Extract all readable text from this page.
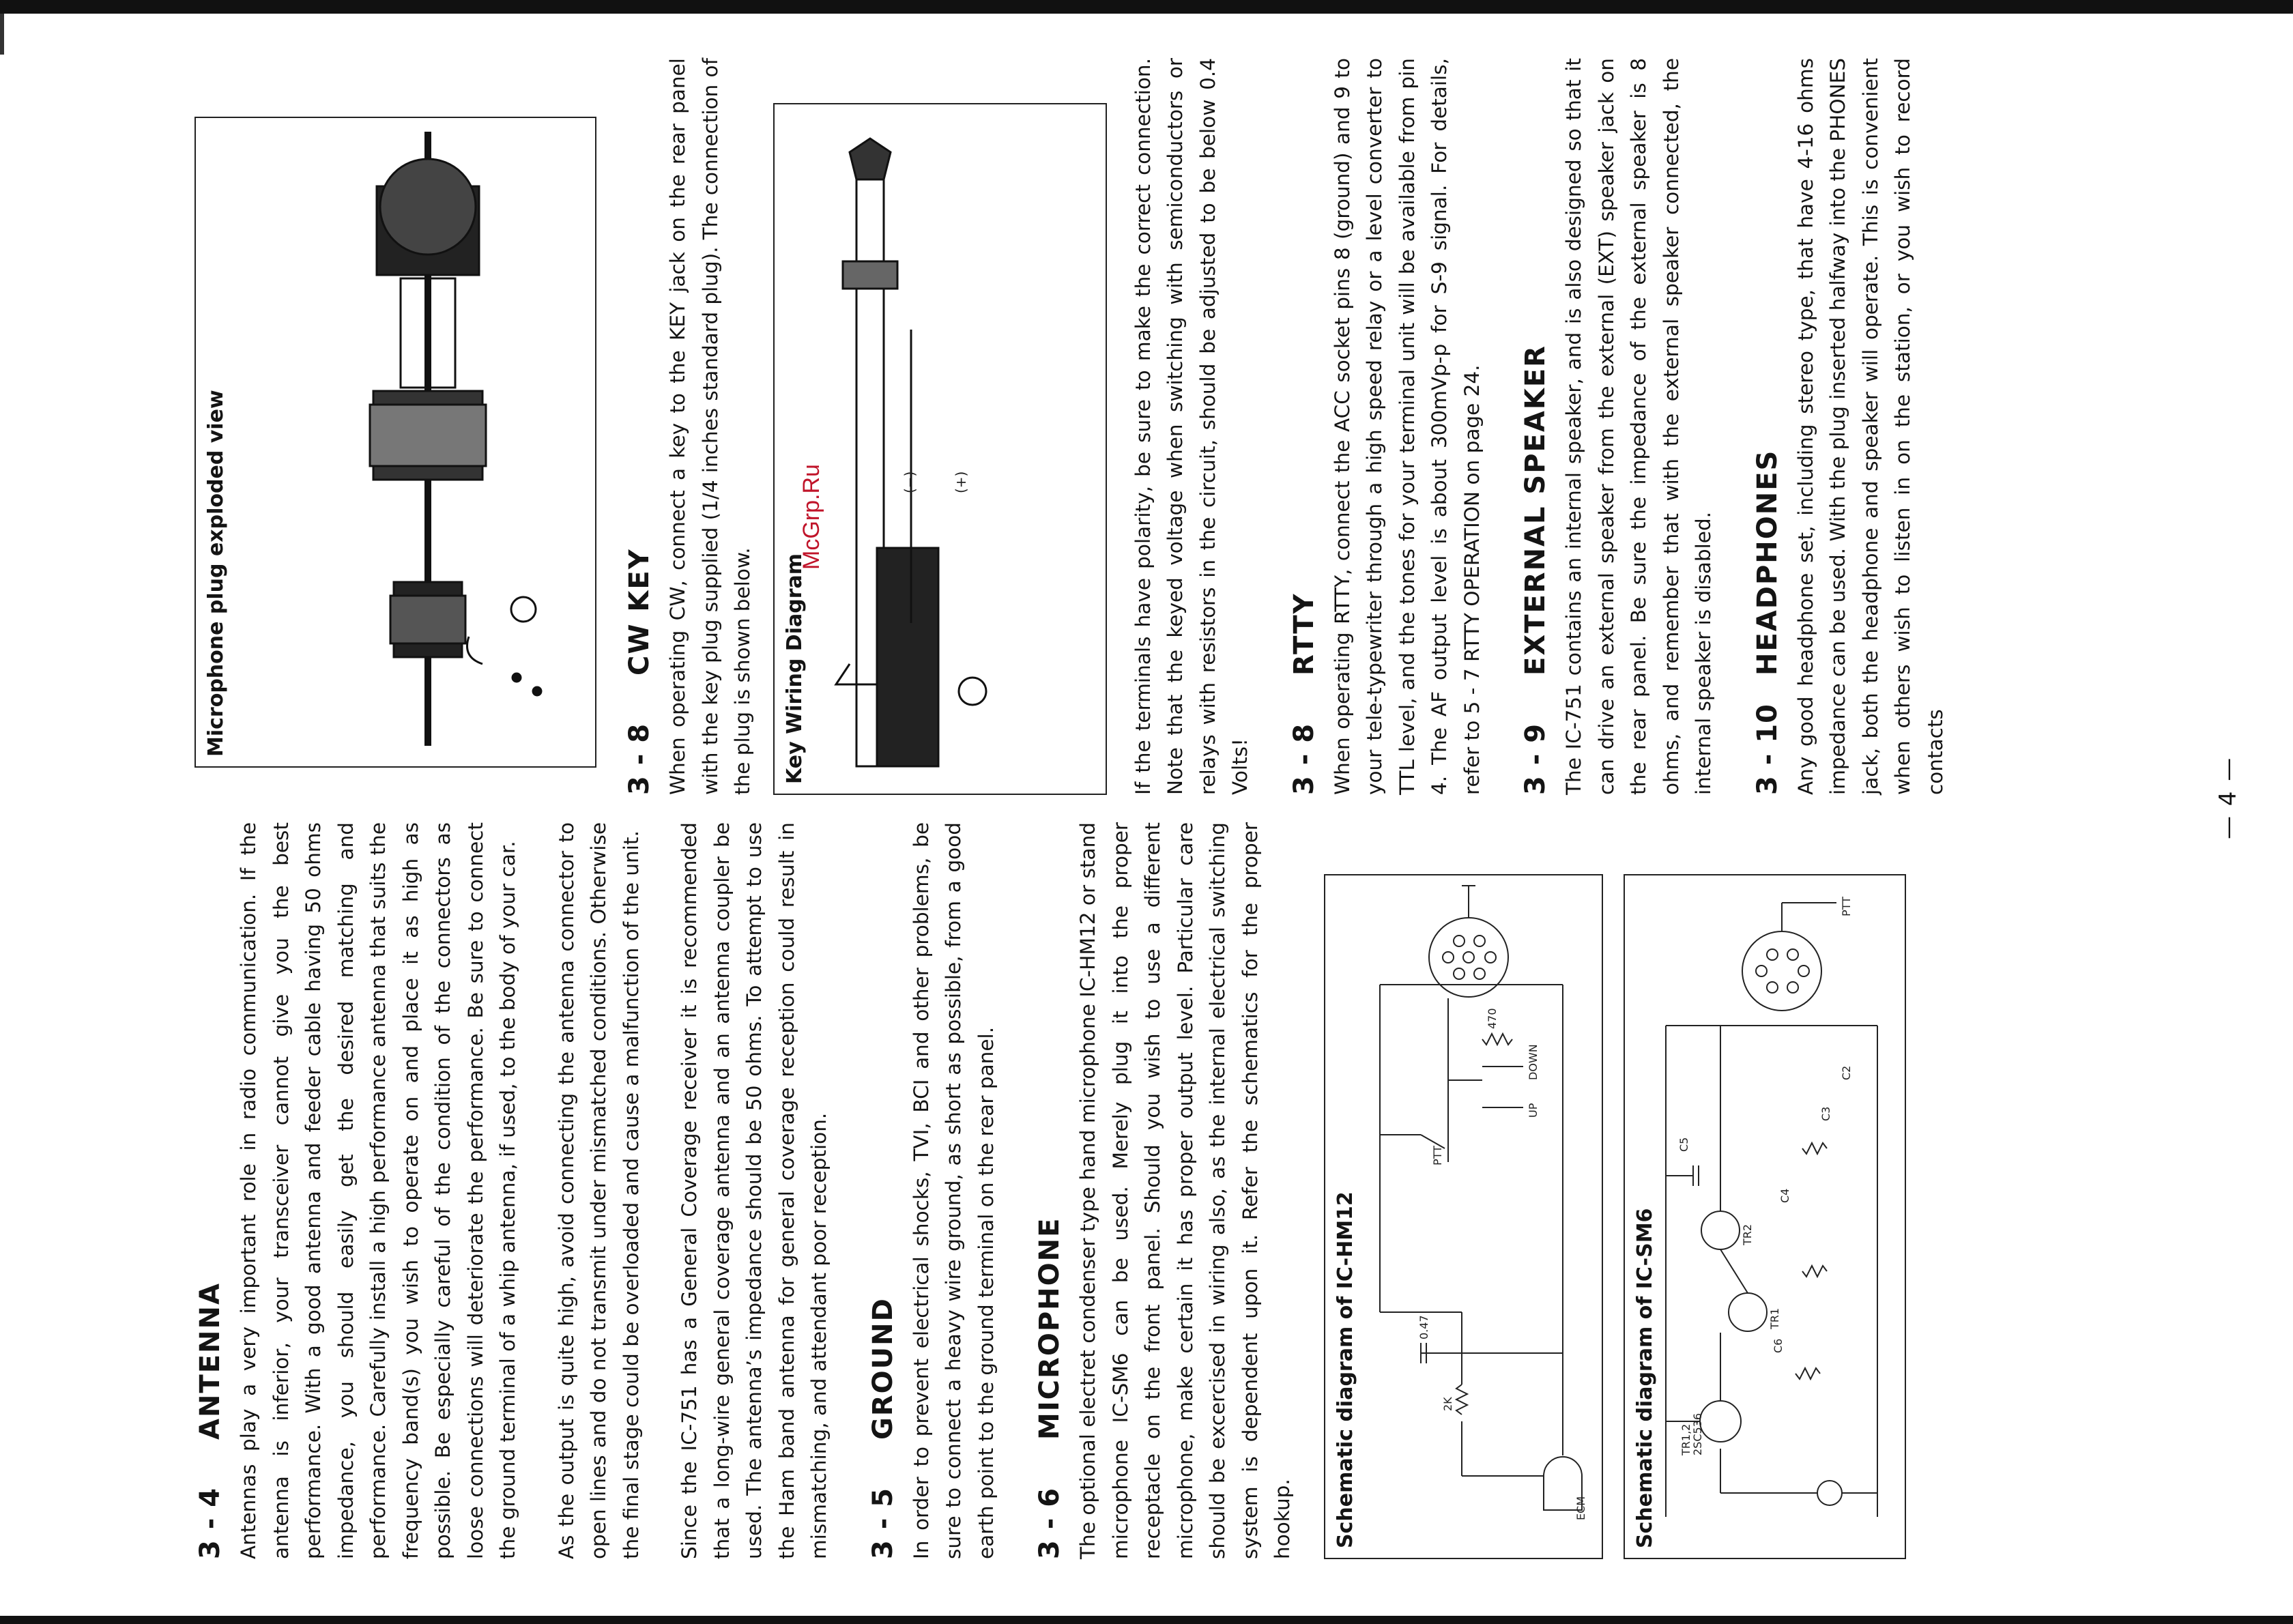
3 - 4
ANTENNA Antennas play a very important role in radio communication. If the antenna is inferior, your transceiver cannot give you the best performance. With a good antenna and feeder cable having 50 ohms impedance, you should easily get the desired matching and performance. Carefully install a high performance antenna that suits the frequency band(s) you wish to operate on and place it as high as possible. Be especially careful of the condition of the connectors as loose connections will deteriorate the performance. Be sure to connect the ground terminal of a whip antenna, if used, to the body of your car. As the output is quite high, avoid connecting the antenna connector to open lines and do not transmit under mismatched conditions. Otherwise the final stage could be overloaded and cause a malfunction of the unit. Since the IC-751 has a General Coverage receiver it is recommended that a long-wire general coverage antenna and an antenna coupler be used. The antenna’s impedance should be 50 ohms. To attempt to use the Ham band antenna for general coverage reception could result in mismatching, and attendant poor reception. 3 - 5
GROUND In order to prevent electrical shocks, TVI, BCI and other problems, be sure to connect a heavy wire ground, as short as possible, from a good earth point to the ground terminal on the rear panel. 3 - 6
MICROPHONE The optional electret condenser type hand microphone IC-HM12 or stand microphone IC-SM6 can be used. Merely plug it into the proper receptacle on the front panel. Should you wish to use a different microphone, make certain it has proper output level. Particular care should be excercised in wiring also, as the internal electrical switching system is dependent upon it. Refer the schematics for the proper hookup. Schematic diagram of IC-HM12	ECM
2K
0.47
PTT
UP
DOWN
470
Schematic diagram of IC-SM6 TR1,2
2SC536
TR1
TR2
C5
C4
C3
C6
C2
PTT
Microphone plug exploded view
3 - 8
CW KEY When operating CW, connect a key to the KEY jack on the rear panel with the key plug supplied (1/4 inches standard plug). The connection of the plug is shown below. Key Wiring Diagram
(+)
(−)	If the terminals have polarity, be sure to make the correct connection. Note that the keyed voltage when switching with semiconductors or relays with resistors in the circuit, should be adjusted to be below 0.4 Volts! 3 - 8
RTTY When operating RTTY, connect the ACC socket pins 8 (ground) and 9 to your tele-typewriter through a high speed relay or a level converter to TTL level, and the tones for your terminal unit will be available from pin 4. The AF output level is about 300mVp-p for S-9 signal. For details, refer to 5 - 7 RTTY OPERATION on page 24. 3 - 9
EXTERNAL SPEAKER The IC-751 contains an internal speaker, and is also designed so that it can drive an external speaker from the external (EXT) speaker jack on the rear panel. Be sure the impedance of the external speaker is 8 ohms, and remember that with the external speaker connected, the internal speaker is disabled. 3 - 10
HEADPHONES Any good headphone set, including stereo type, that have 4-16 ohms impedance can be used. With the plug inserted halfway into the PHONES jack, both the headphone and speaker will operate. This is convenient when others wish to listen in on the station, or you wish to record contacts

McGrp.Ru
— 4 —
